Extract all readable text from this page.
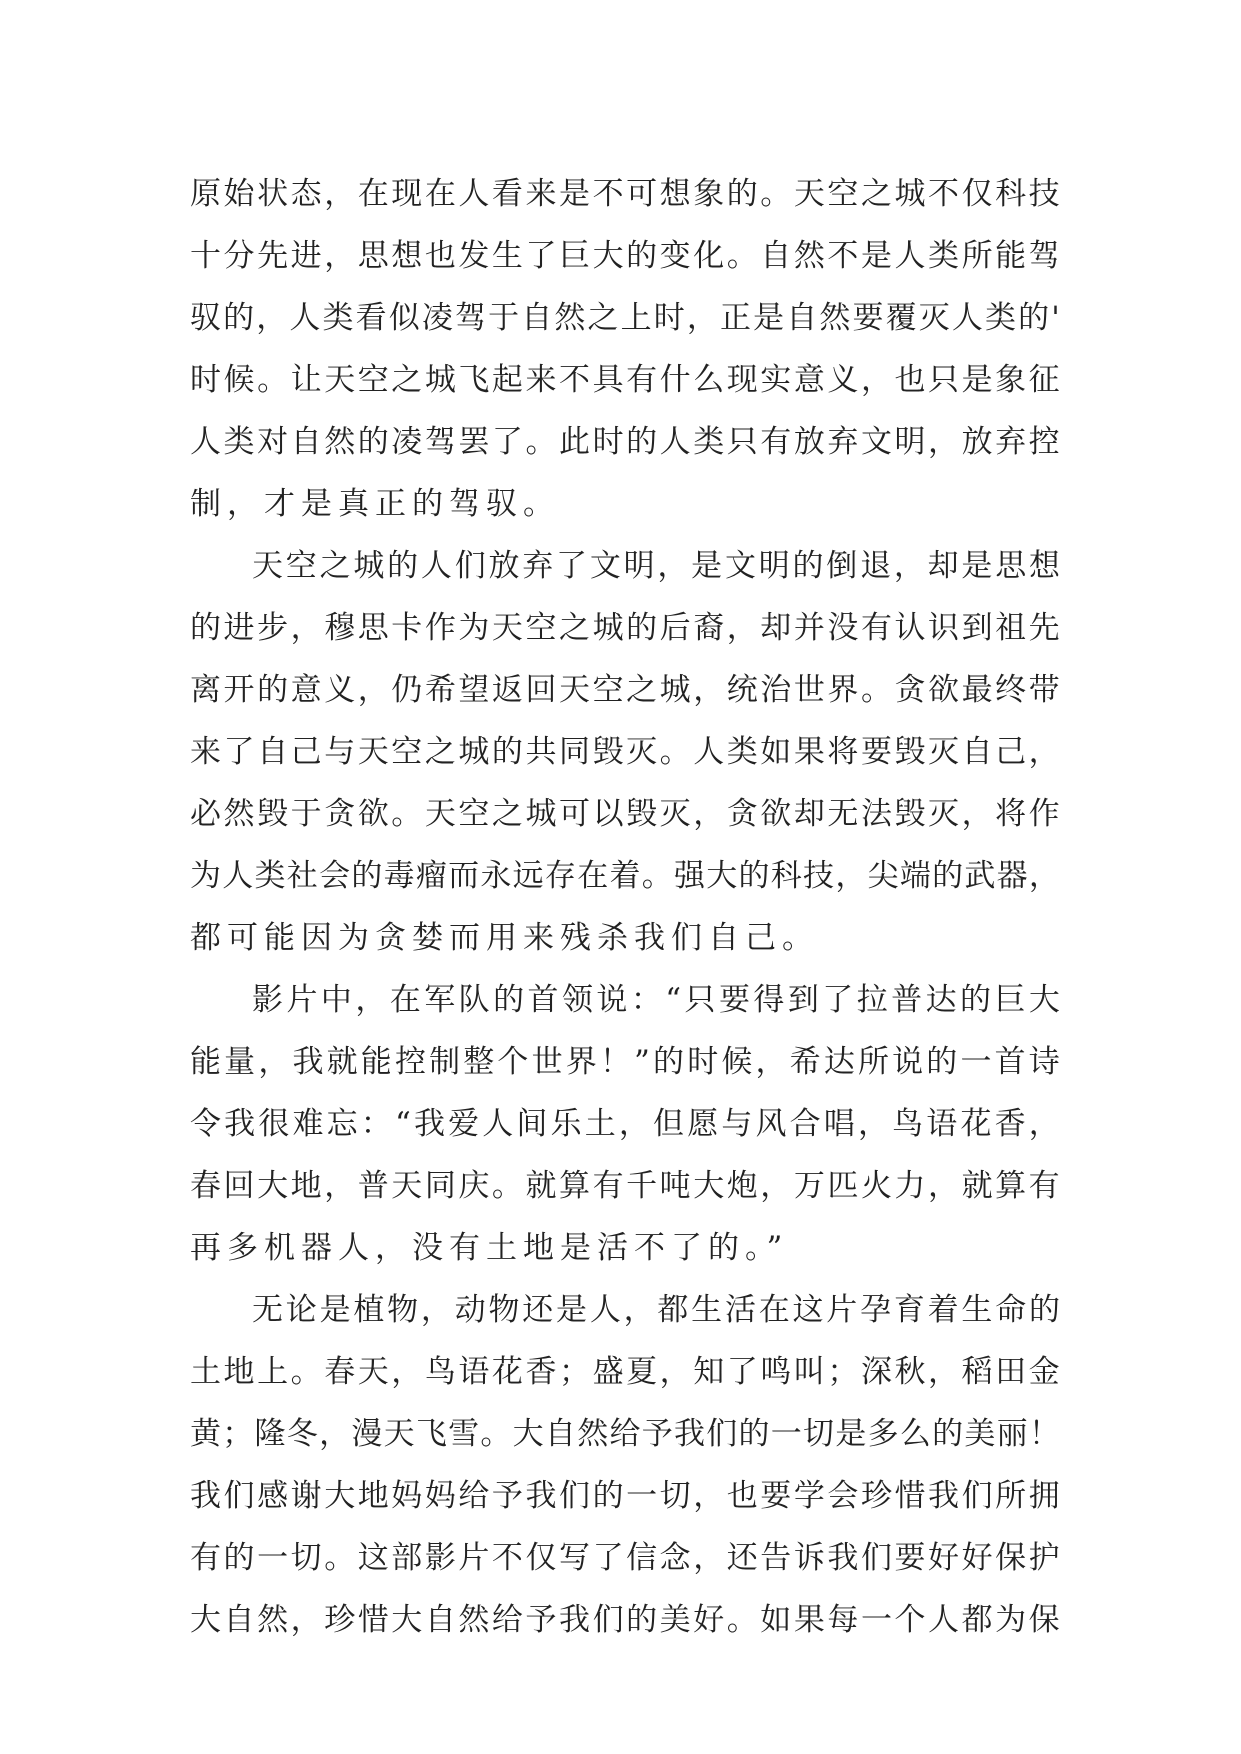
原 始 状 态 ， 在 现 在 人 看 来 是 不 可 想 象 的 。 天 空 之 城 不 仅 科 技
十 分 先 进 ， 思 想 也 发 生 了 巨 大 的 变 化 。 自 然 不 是 人 类 所 能 驾
驭 的 ， 人 类 看 似 凌 驾 于 自 然 之 上 时 ， 正 是 自 然 要 覆 灭 人 类 的 '
时 候 。 让 天 空 之 城 飞 起 来 不 具 有 什 么 现 实 意 义 ， 也 只 是 象 征
人 类 对 自 然 的 凌 驾 罢 了 。 此 时 的 人 类 只 有 放 弃 文 明 ， 放 弃 控
制，才是真正的驾驭。
天 空 之 城 的 人 们 放 弃 了 文 明 ， 是 文 明 的 倒 退 ， 却 是 思 想
的 进 步 ， 穆 思 卡 作 为 天 空 之 城 的 后 裔 ， 却 并 没 有 认 识 到 祖 先
离 开 的 意 义 ， 仍 希 望 返 回 天 空 之 城 ， 统 治 世 界 。 贪 欲 最 终 带
来 了 自 己 与 天 空 之 城 的 共 同 毁 灭 。 人 类 如 果 将 要 毁 灭 自 己 ，
必 然 毁 于 贪 欲 。 天 空 之 城 可 以 毁 灭 ， 贪 欲 却 无 法 毁 灭 ， 将 作
为 人 类 社 会 的 毒 瘤 而 永 远 存 在 着 。 强 大 的 科 技 ， 尖 端 的 武 器 ，
都可能因为贪婪而用来残杀我们自己。
影 片 中 ， 在 军 队 的 首 领 说 ： “ 只 要 得 到 了 拉 普 达 的 巨 大
能 量 ， 我 就 能 控 制 整 个 世 界 ！ ” 的 时 候 ， 希 达 所 说 的 一 首 诗
令 我 很 难 忘 ： “ 我 爱 人 间 乐 土 ， 但 愿 与 风 合 唱 ， 鸟 语 花 香 ，
春 回 大 地 ， 普 天 同 庆 。 就 算 有 千 吨 大 炮 ， 万 匹 火 力 ， 就 算 有
再多机器人，没有土地是活不了的。”
无 论 是 植 物 ， 动 物 还 是 人 ， 都 生 活 在 这 片 孕 育 着 生 命 的
土 地 上 。 春 天 ， 鸟 语 花 香 ； 盛 夏 ， 知 了 鸣 叫 ； 深 秋 ， 稻 田 金
黄 ； 隆 冬 ， 漫 天 飞 雪 。 大 自 然 给 予 我 们 的 一 切 是 多 么 的 美 丽 ！
我 们 感 谢 大 地 妈 妈 给 予 我 们 的 一 切 ， 也 要 学 会 珍 惜 我 们 所 拥
有 的 一 切 。 这 部 影 片 不 仅 写 了 信 念 ， 还 告 诉 我 们 要 好 好 保 护
大 自 然 ， 珍 惜 大 自 然 给 予 我 们 的 美 好 。 如 果 每 一 个 人 都 为 保
